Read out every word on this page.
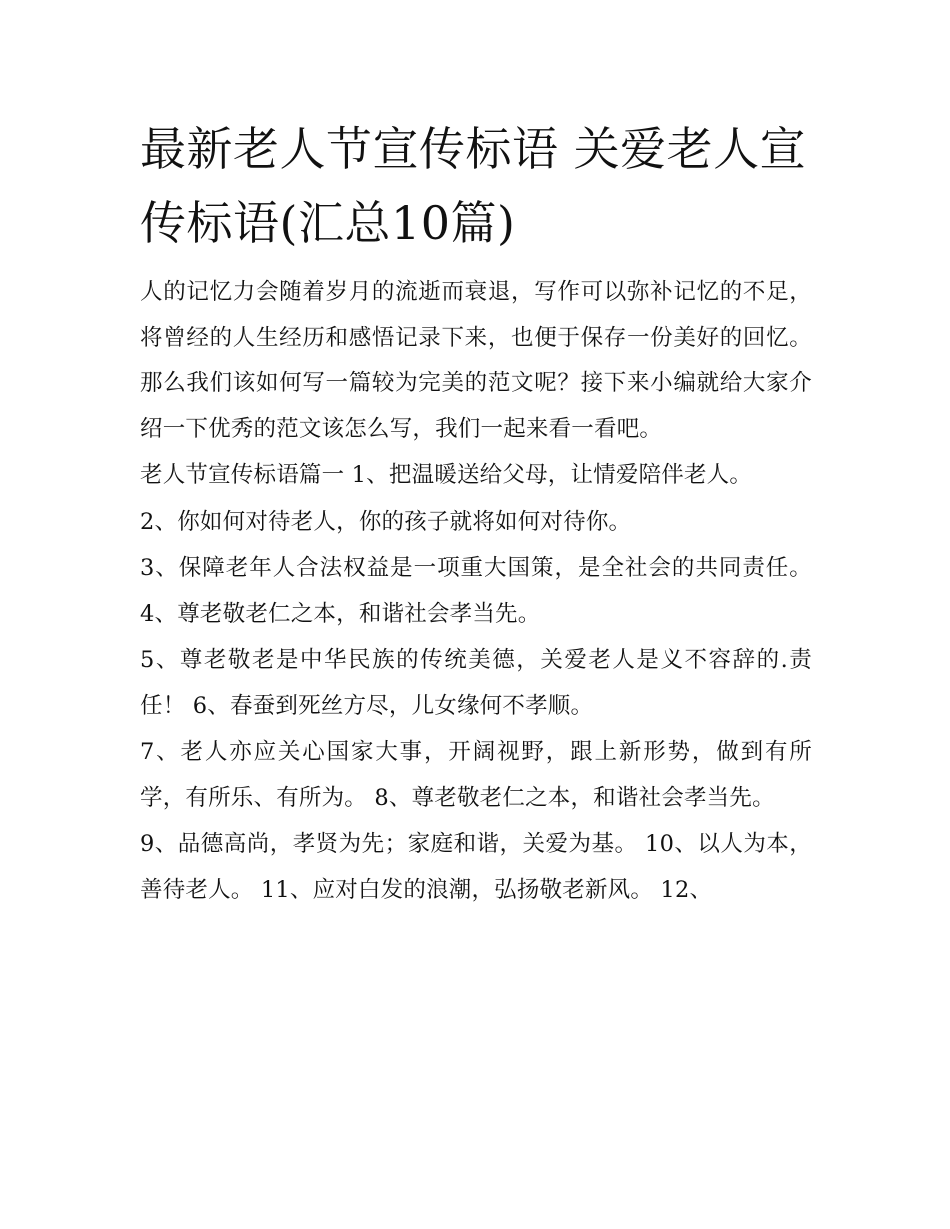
最新老人节宣传标语 关爱老人宣传标语(汇总10篇)

人的记忆力会随着岁月的流逝而衰退，写作可以弥补记忆的不足，将曾经的人生经历和感悟记录下来，也便于保存一份美好的回忆。那么我们该如何写一篇较为完美的范文呢？接下来小编就给大家介绍一下优秀的范文该怎么写，我们一起来看一看吧。

老人节宣传标语篇一 1、把温暖送给父母，让情爱陪伴老人。

2、你如何对待老人，你的孩子就将如何对待你。

3、保障老年人合法权益是一项重大国策，是全社会的共同责任。 4、尊老敬老仁之本，和谐社会孝当先。

5、尊老敬老是中华民族的传统美德，关爱老人是义不容辞的.责任！ 6、春蚕到死丝方尽，儿女缘何不孝顺。

7、老人亦应关心国家大事，开阔视野，跟上新形势，做到有所学，有所乐、有所为。 8、尊老敬老仁之本，和谐社会孝当先。

9、品德高尚，孝贤为先；家庭和谐，关爱为基。 10、以人为本，善待老人。 11、应对白发的浪潮，弘扬敬老新风。 12、
